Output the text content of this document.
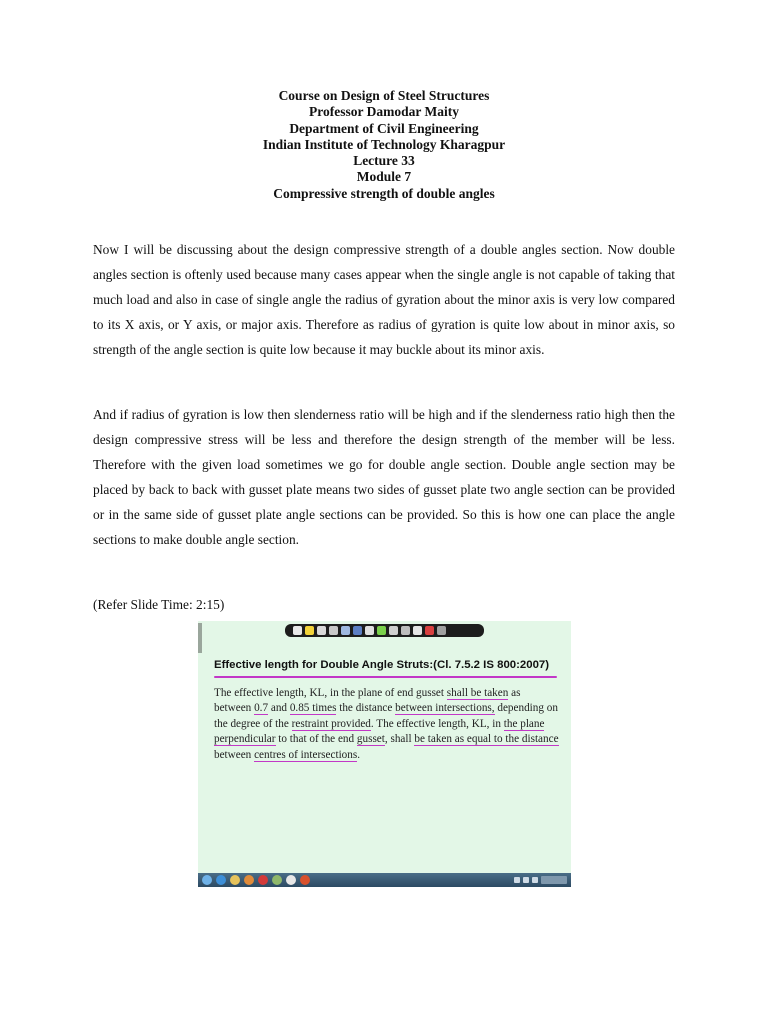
Course on Design of Steel Structures
Professor Damodar Maity
Department of Civil Engineering
Indian Institute of Technology Kharagpur
Lecture 33
Module 7
Compressive strength of double angles

Now I will be discussing about the design compressive strength of a double angles section. Now double angles section is oftenly used because many cases appear when the single angle is not capable of taking that much load and also in case of single angle the radius of gyration about the minor axis is very low compared to its X axis, or Y axis, or major axis. Therefore as radius of gyration is quite low about in minor axis, so strength of the angle section is quite low because it may buckle about its minor axis.

And if radius of gyration is low then slenderness ratio will be high and if the slenderness ratio high then the design compressive stress will be less and therefore the design strength of the member will be less. Therefore with the given load sometimes we go for double angle section. Double angle section may be placed by back to back with gusset plate means two sides of gusset plate two angle section can be provided or in the same side of gusset plate angle sections can be provided. So this is how one can place the angle sections to make double angle section.

(Refer Slide Time: 2:15)

Effective length for Double Angle Struts:(Cl. 7.5.2 IS 800:2007)

The effective length, KL, in the plane of end gusset shall be taken as between 0.7 and 0.85 times the distance between intersections, depending on the degree of the restraint provided. The effective length, KL, in the plane perpendicular to that of the end gusset, shall be taken as equal to the distance between centres of intersections.
